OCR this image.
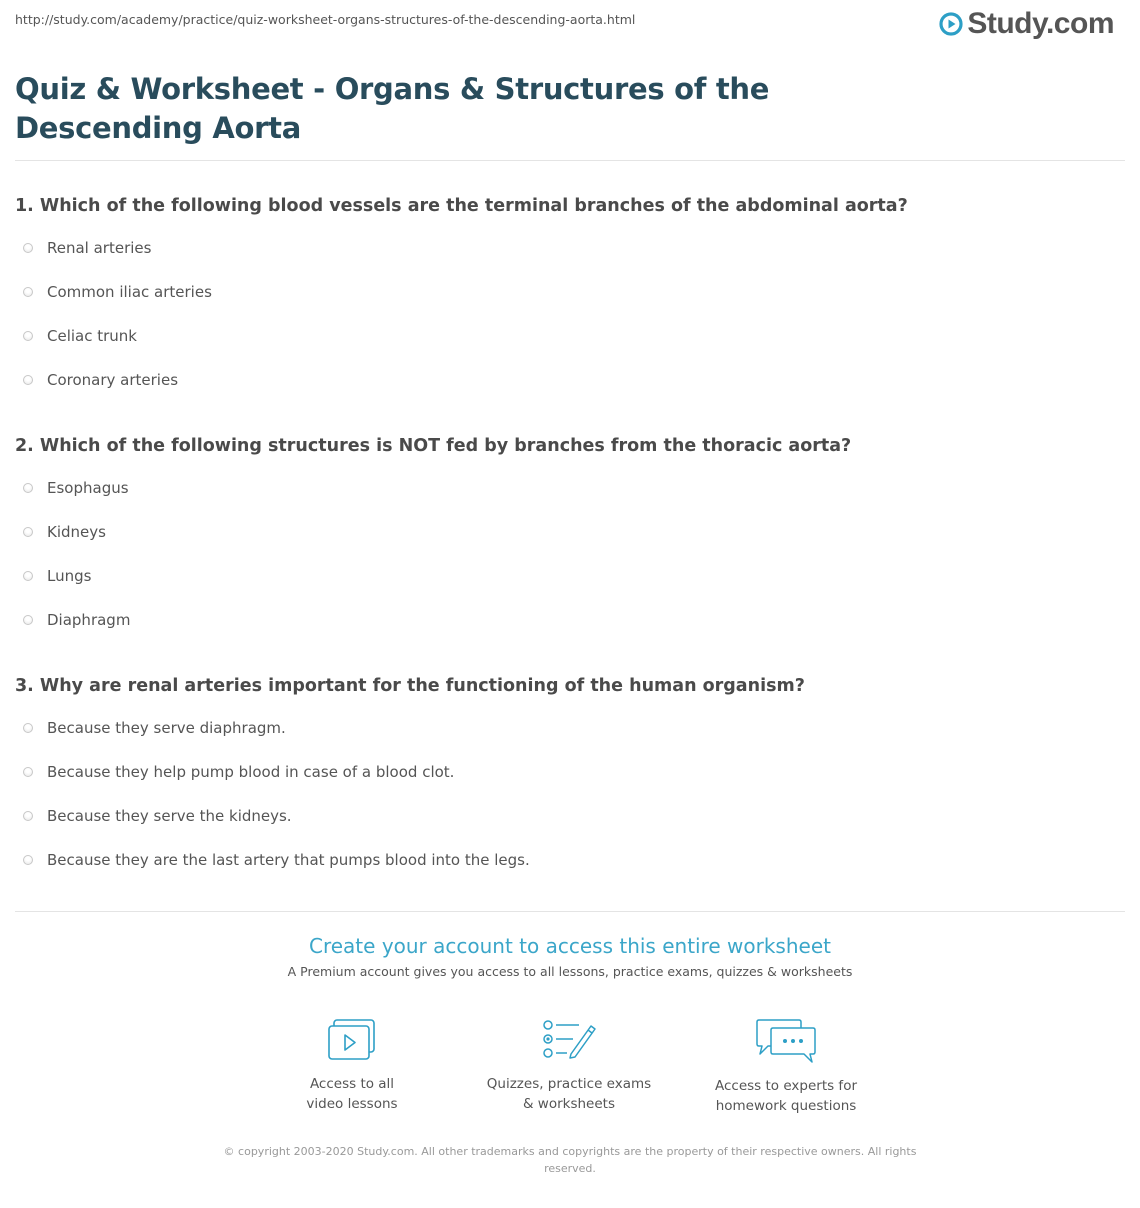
http://study.com/academy/practice/quiz-worksheet-organs-structures-of-the-descending-aorta.html	Study.com
Quiz & Worksheet - Organs & Structures of the Descending Aorta
1. Which of the following blood vessels are the terminal branches of the abdominal aorta?
Renal arteries
Common iliac arteries
Celiac trunk
Coronary arteries
2. Which of the following structures is NOT fed by branches from the thoracic aorta?
Esophagus
Kidneys
Lungs
Diaphragm
3. Why are renal arteries important for the functioning of the human organism?
Because they serve diaphragm.
Because they help pump blood in case of a blood clot.
Because they serve the kidneys.
Because they are the last artery that pumps blood into the legs.
Create your account to access this entire worksheet
A Premium account gives you access to all lessons, practice exams, quizzes & worksheets
Access to all
video lessons
Quizzes, practice exams
& worksheets
Access to experts for
homework questions
© copyright 2003-2020 Study.com. All other trademarks and copyrights are the property of their respective owners. All rights reserved.
